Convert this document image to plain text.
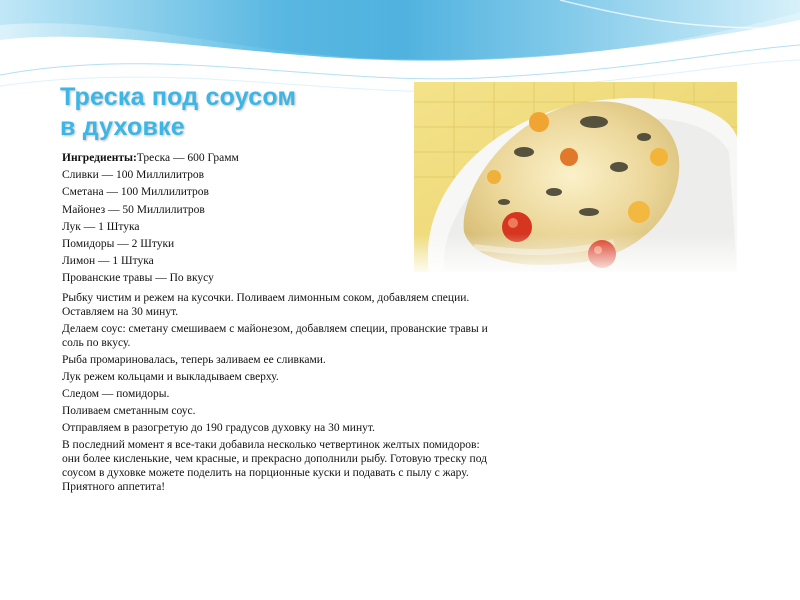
Треска под соусом
в духовке
Ингредиенты:Треска — 600 Грамм
Сливки — 100 Миллилитров
Сметана — 100 Миллилитров
Майонез — 50 Миллилитров
Лук — 1 Штука
Помидоры — 2 Штуки
Лимон — 1 Штука
Прованские травы — По вкусу

Рыбку чистим и режем на кусочки. Поливаем лимонным соком, добавляем специи. Оставляем на 30 минут.

Делаем соус: сметану смешиваем с майонезом, добавляем специи, прованские травы и соль по вкусу.

Рыба промариновалась, теперь заливаем ее сливками.

Лук режем кольцами и выкладываем сверху.

Следом — помидоры.

Поливаем сметанным соус.

Отправляем в разогретую до 190 градусов духовку на 30 минут.

В последний момент я все-таки добавила несколько четвертинок желтых помидоров: они более кисленькие, чем красные, и прекрасно дополнили рыбу. Готовую треску под соусом в духовке можете поделить на порционные куски и подавать с пылу с жару. Приятного аппетита!
